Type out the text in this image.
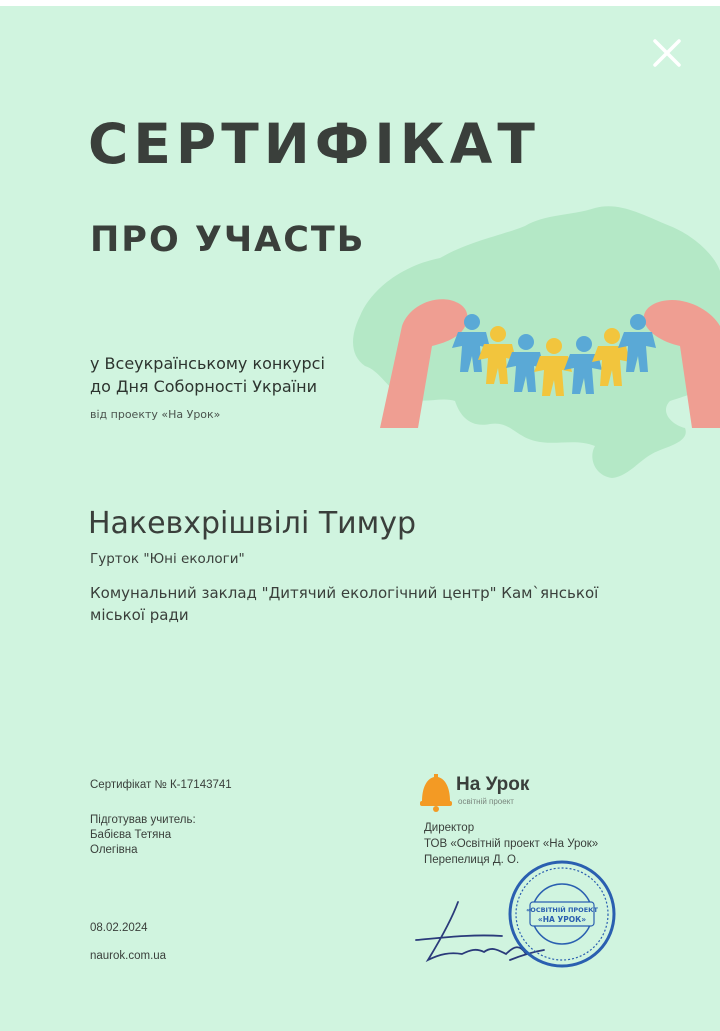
СЕРТИФІКАТ
ПРО УЧАСТЬ
у Всеукраїнському конкурсі
до Дня Соборності України
від проекту «На Урок»
Накевхрішвілі Тимур
Гурток "Юні екологи"
Комунальний заклад "Дитячий екологічний центр" Кам`янської міської ради
Сертифікат № К-17143741
Підготував учитель:
Бабієва Тетяна
Олегівна
08.02.2024
naurok.com.ua
На Урок
освітній проект
Директор
ТОВ «Освітній проект «На Урок»
Перепелиця Д. О.
«ОСВІТНІЙ ПРОЕКТ
«НА УРОК»
